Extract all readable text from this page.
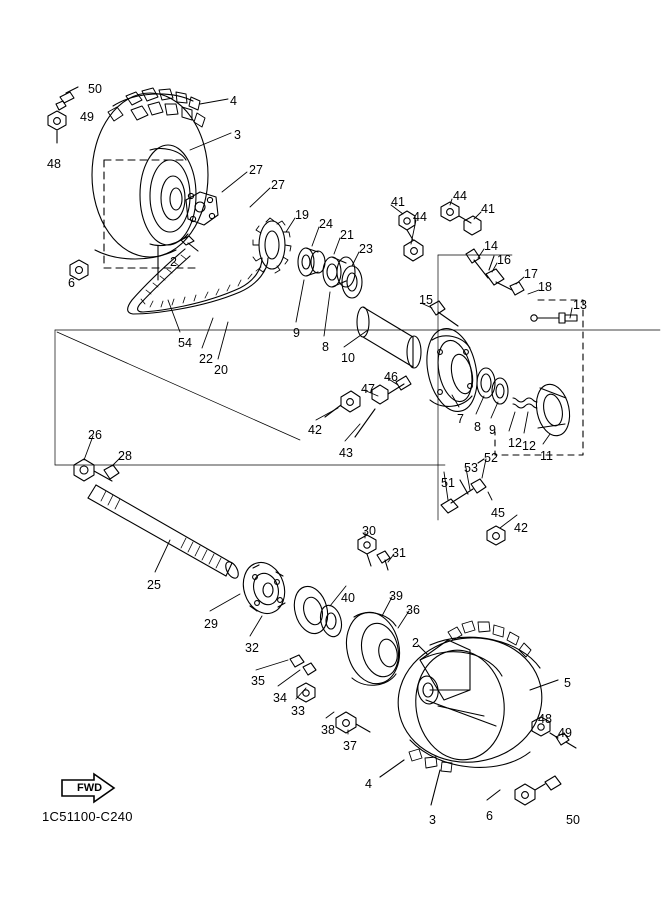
FWD
1C51100-C240
50
49
48
4
3
27
27
19
24
21
23
2
6
9
8
10
54
22
20
41	44
41
44
14
16
17
18
13
15
7
8 9
12 12
11
47
46
42
43
51
53
52
45
42
26
28
25
29
32
35
34
33
38
37
30
31
40	39
36
2
5
48
49
4
3	6	50
